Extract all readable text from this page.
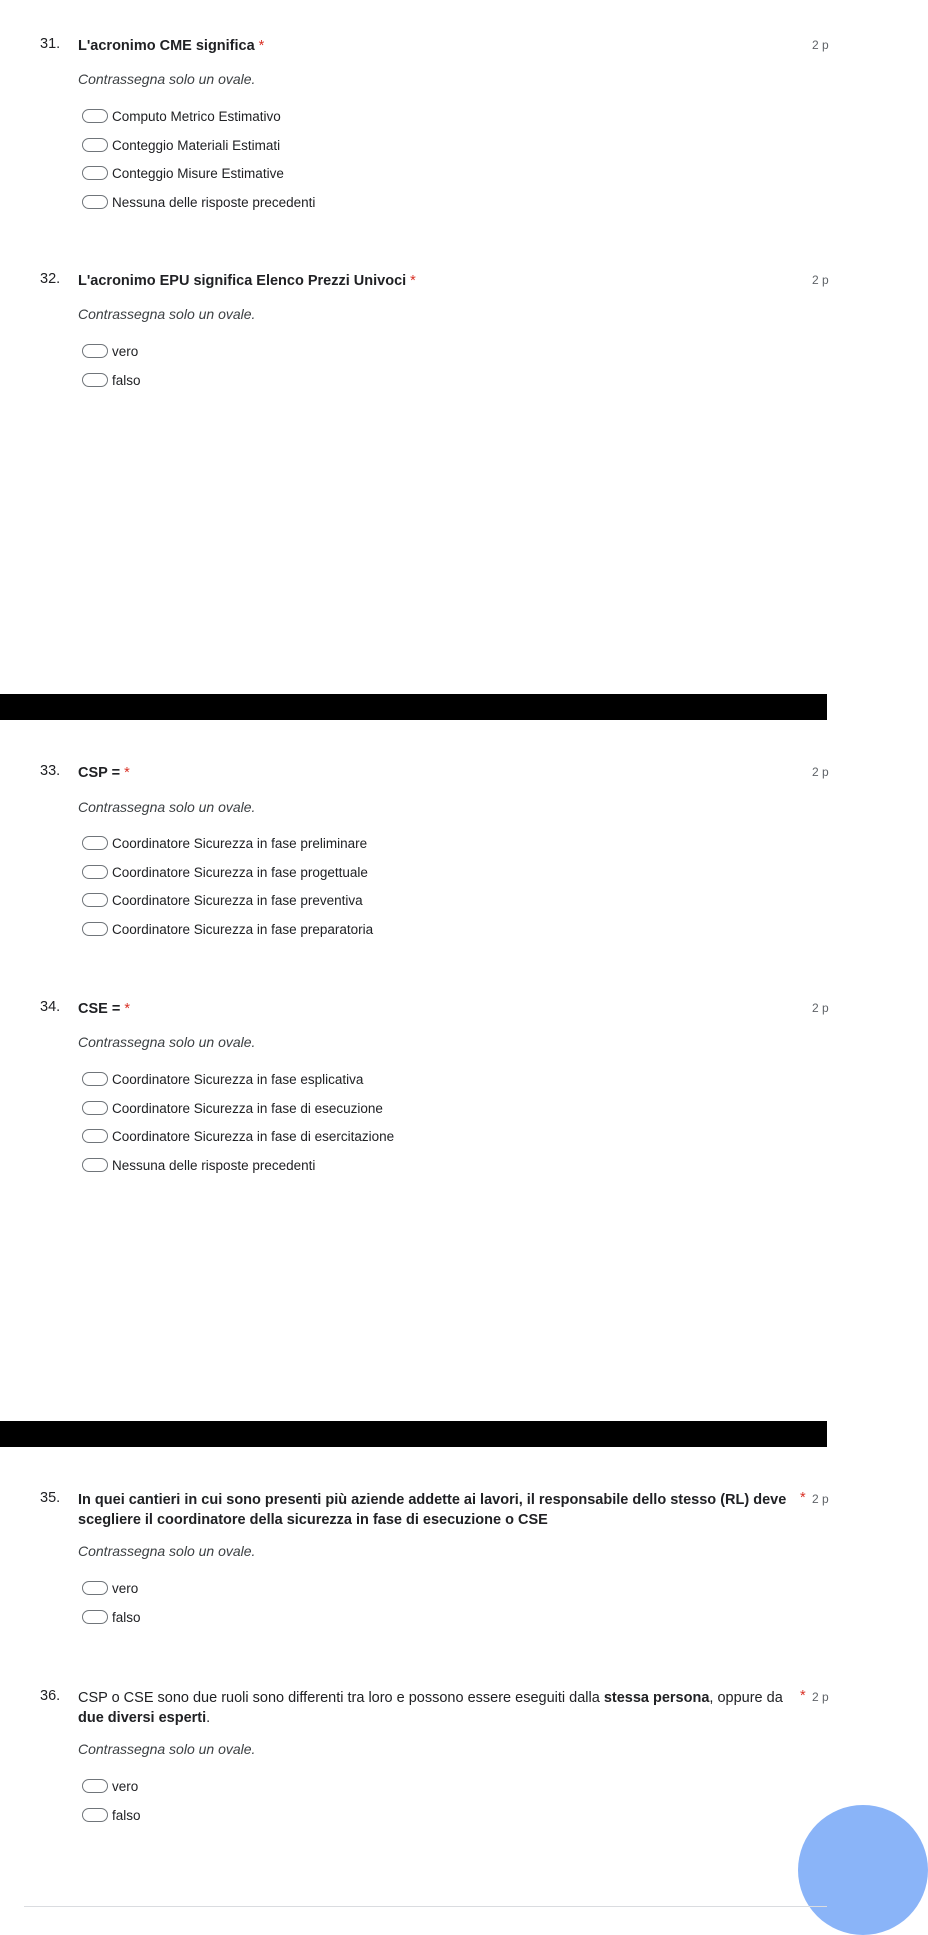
31. L'acronimo CME significa *	2 p
Contrassegna solo un ovale.
Computo Metrico Estimativo
Conteggio Materiali Estimati
Conteggio Misure Estimative
Nessuna delle risposte precedenti
32. L'acronimo EPU significa Elenco Prezzi Univoci *	2 p
Contrassegna solo un ovale.
vero
falso
33. CSP = *	2 p
Contrassegna solo un ovale.
Coordinatore Sicurezza in fase preliminare
Coordinatore Sicurezza in fase progettuale
Coordinatore Sicurezza in fase preventiva
Coordinatore Sicurezza in fase preparatoria
34. CSE = *	2 p
Contrassegna solo un ovale.
Coordinatore Sicurezza in fase esplicativa
Coordinatore Sicurezza in fase di esecuzione
Coordinatore Sicurezza in fase di esercitazione
Nessuna delle risposte precedenti
35. In quei cantieri in cui sono presenti più aziende addette ai lavori, il responsabile dello stesso (RL) deve scegliere il coordinatore della sicurezza in fase di esecuzione o CSE
* 2 p
Contrassegna solo un ovale.
vero
falso
36. CSP o CSE sono due ruoli sono differenti tra loro e possono essere eseguiti dalla stessa persona, oppure da due diversi esperti.
* 2 p
Contrassegna solo un ovale.
vero
falso
